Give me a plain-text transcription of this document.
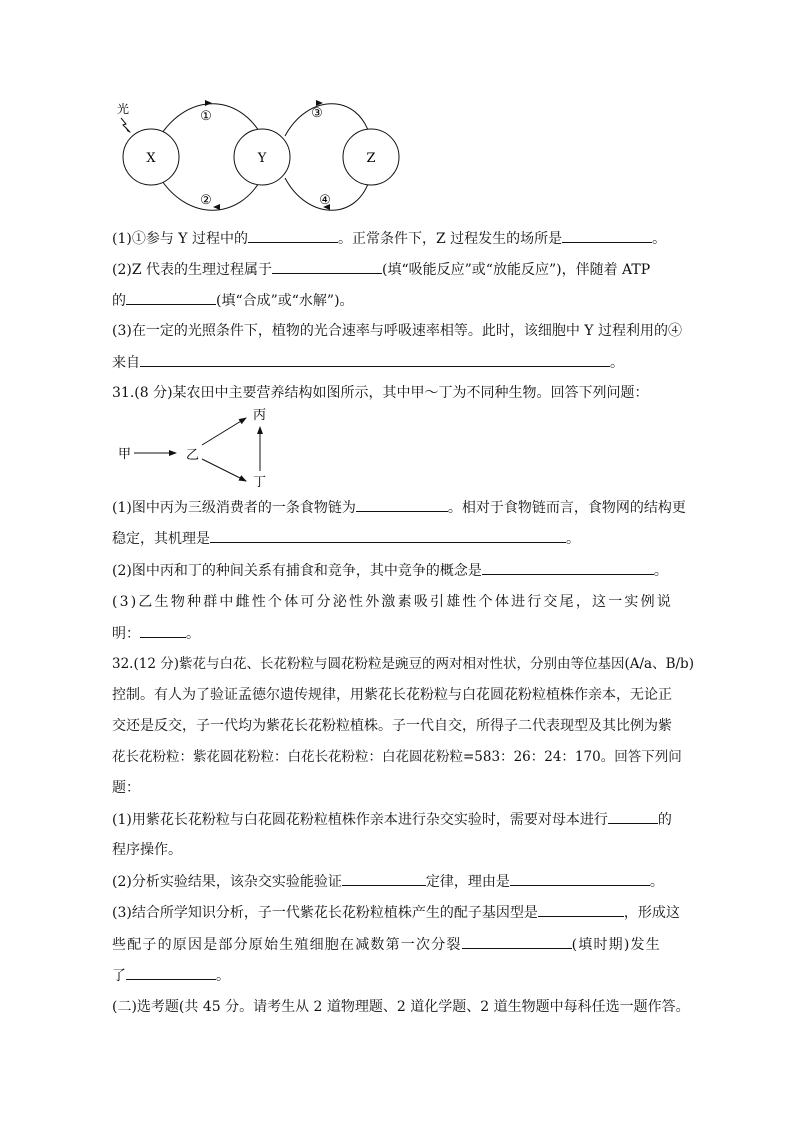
X	Y	Z
①
②
③
④
光
(1)①参与 Y 过程中的	。正常条件下，Z 过程发生的场所是	。
(2)Z 代表的生理过程属于	(填“吸能反应”或“放能反应”)，伴随着 ATP
的	(填“合成”或“水解”)。
(3)在一定的光照条件下，植物的光合速率与呼吸速率相等。此时，该细胞中 Y 过程利用的④
来自	。
31.(8 分)某农田中主要营养结构如图所示，其中甲～丁为不同种生物。回答下列问题：
甲	乙
丙
丁
(1)图中丙为三级消费者的一条食物链为	。相对于食物链而言，食物网的结构更
稳定，其机理是	。
(2)图中丙和丁的种间关系有捕食和竞争，其中竞争的概念是	。
(3)乙生物种群中雌性个体可分泌性外激素吸引雄性个体进行交尾，这一实例说
明：	。
32.(12 分)紫花与白花、长花粉粒与圆花粉粒是豌豆的两对相对性状，分别由等位基因(A/a、B/b)
控制。有人为了验证孟德尔遗传规律，用紫花长花粉粒与白花圆花粉粒植株作亲本，无论正
交还是反交，子一代均为紫花长花粉粒植株。子一代自交，所得子二代表现型及其比例为紫
花长花粉粒：紫花圆花粉粒：白花长花粉粒：白花圆花粉粒=583：26：24：170。回答下列问
题：
(1)用紫花长花粉粒与白花圆花粉粒植株作亲本进行杂交实验时，需要对母本进行	的
程序操作。
(2)分析实验结果，该杂交实验能验证	定律，理由是	。
(3)结合所学知识分析，子一代紫花长花粉粒植株产生的配子基因型是	，形成这
些配子的原因是部分原始生殖细胞在减数第一次分裂	(填时期)发生
了	。
(二)选考题(共 45 分。请考生从 2 道物理题、2 道化学题、2 道生物题中每科任选一题作答。
